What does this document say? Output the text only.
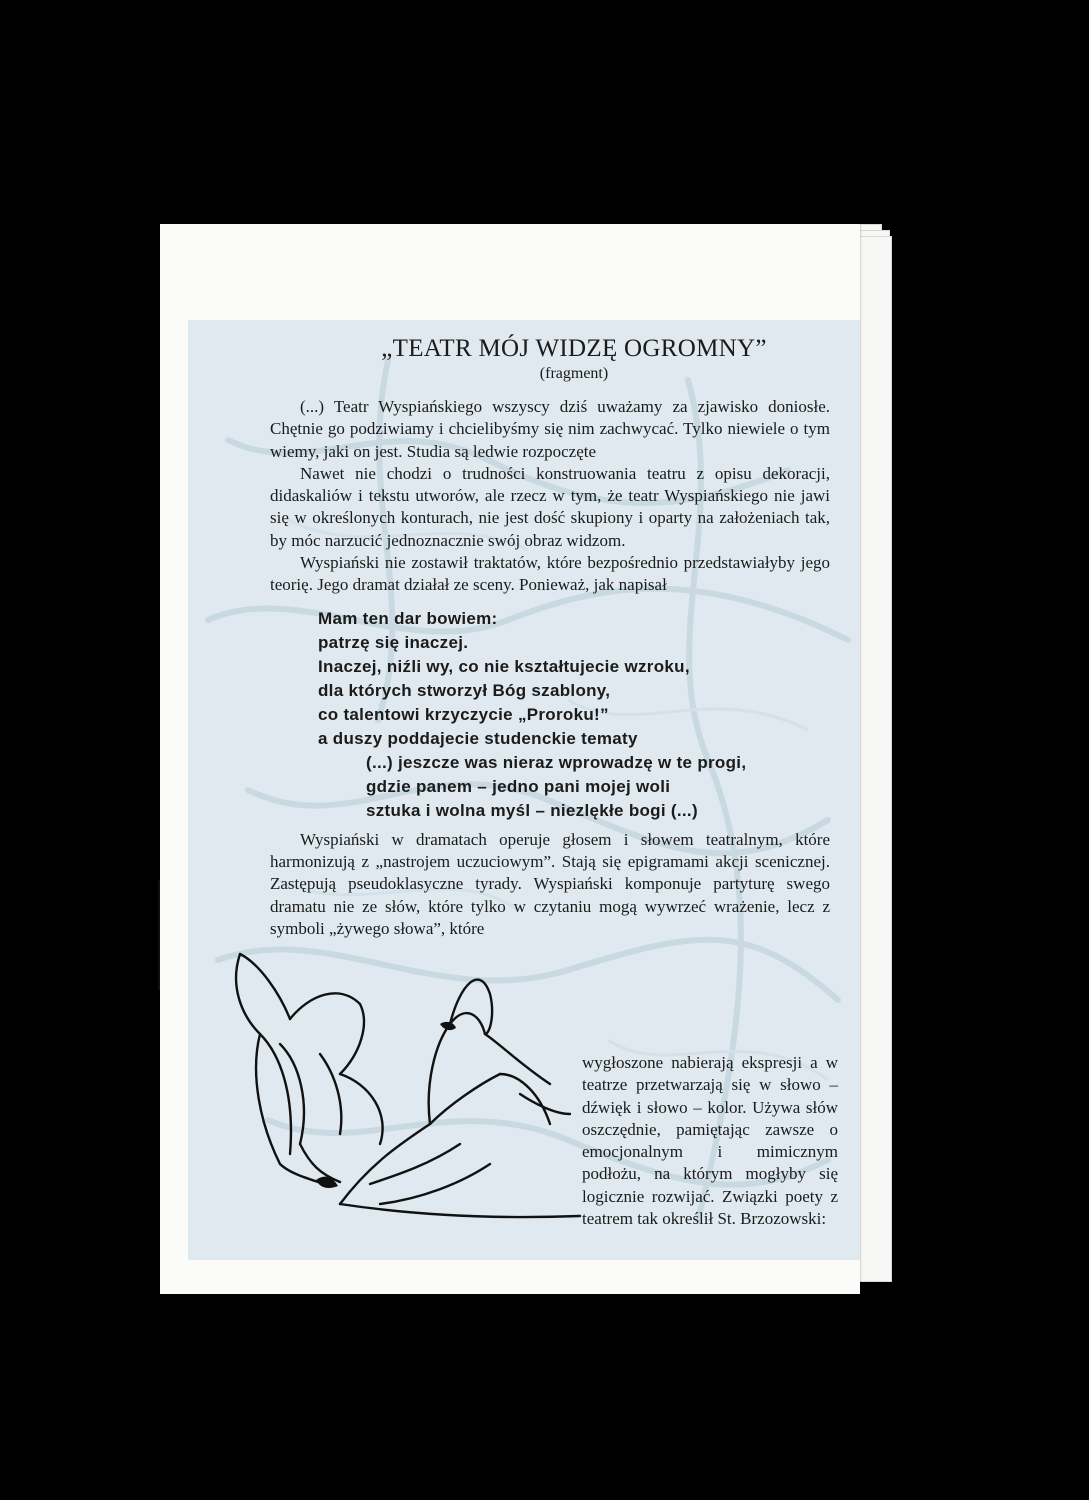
„TEATR MÓJ WIDZĘ OGROMNY”
(fragment)

(...) Teatr Wyspiańskiego wszyscy dziś uważamy za zjawisko doniosłe. Chętnie go podziwiamy i chcielibyśmy się nim zachwycać. Tylko niewiele o tym wiemy, jaki on jest. Studia są ledwie rozpoczęte

Nawet nie chodzi o trudności konstruowania teatru z opisu dekoracji, didaskaliów i tekstu utworów, ale rzecz w tym, że teatr Wyspiańskiego nie jawi się w określonych konturach, nie jest dość skupiony i oparty na założeniach tak, by móc narzucić jednoznacznie swój obraz widzom.

Wyspiański nie zostawił traktatów, które bezpośrednio przedstawiałyby jego teorię. Jego dramat działał ze sceny. Ponieważ, jak napisał

Mam ten dar bowiem:
patrzę się inaczej.
Inaczej, niźli wy, co nie kształtujecie wzroku,
dla których stworzył Bóg szablony,
co talentowi krzyczycie „Proroku!”
a duszy poddajecie studenckie tematy
(...) jeszcze was nieraz wprowadzę w te progi,
gdzie panem – jedno pani mojej woli
sztuka i wolna myśl – niezlękłe bogi (...)

Wyspiański w dramatach operuje głosem i słowem teatralnym, które harmonizują z „nastrojem uczuciowym”. Stają się epigramami akcji scenicznej. Zastępują pseudoklasyczne tyrady. Wyspiański komponuje partyturę swego dramatu nie ze słów, które tylko w czytaniu mogą wywrzeć wrażenie, lecz z symboli „żywego słowa”, które

wygłoszone nabierają ekspresji a w teatrze przetwarzają się w słowo – dźwięk i słowo – kolor. Używa słów oszczędnie, pamiętając zawsze o emocjonalnym i mimicznym podłożu, na którym mogłyby się logicznie rozwijać. Związki poety z teatrem tak określił St. Brzozowski:
